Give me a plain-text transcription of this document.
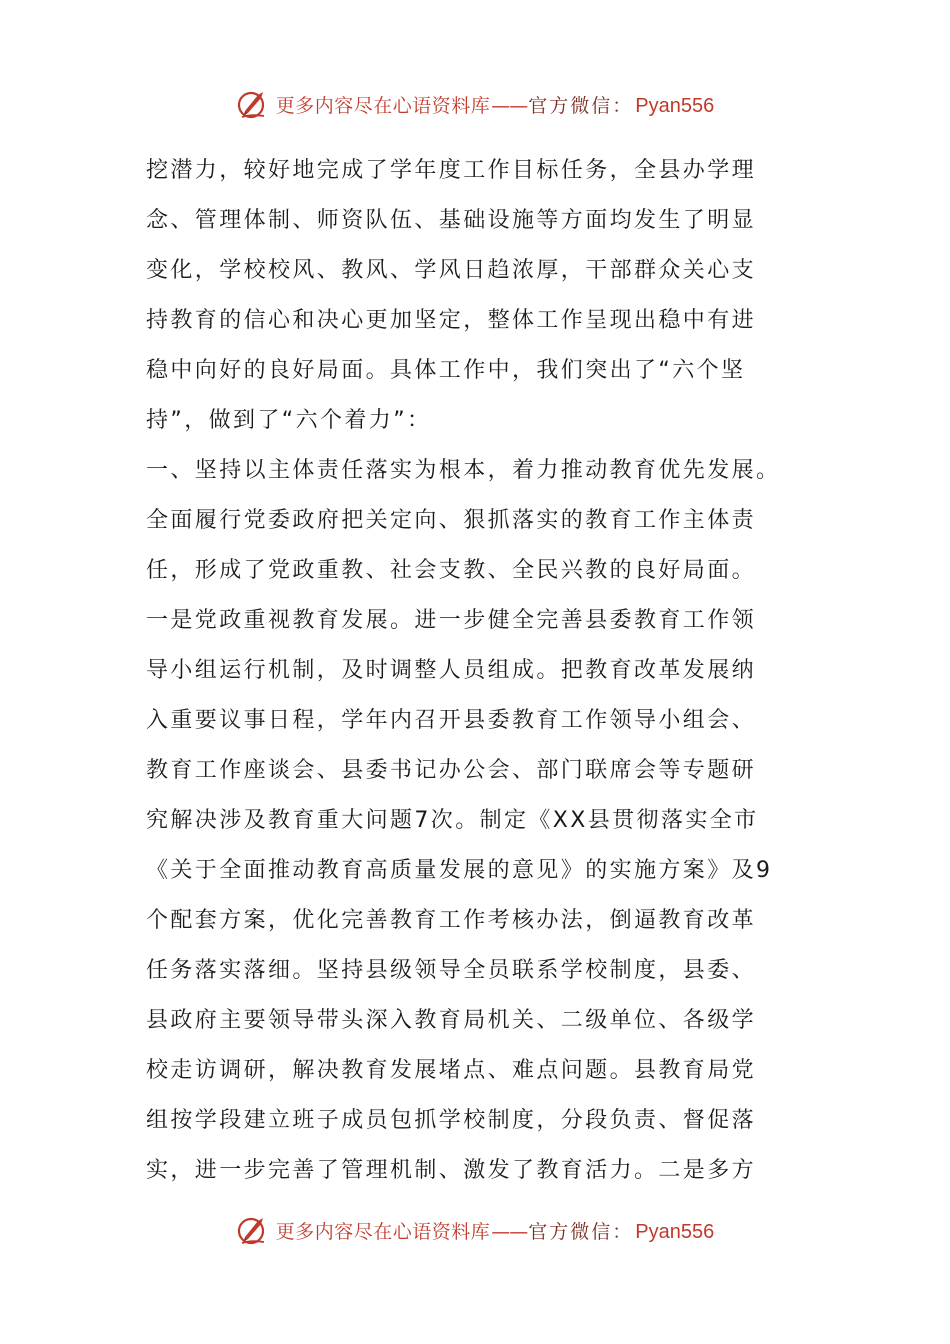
更多内容尽在心语资料库 —— 官方微信： Pyan556
挖潜力，较好地完成了学年度工作目标任务，全县办学理
念、管理体制、师资队伍、基础设施等方面均发生了明显
变化，学校校风、教风、学风日趋浓厚，干部群众关心支
持教育的信心和决心更加坚定，整体工作呈现出稳中有进
稳中向好的良好局面。具体工作中，我们突出了“六个坚
持”，做到了“六个着力”：
一、坚持以主体责任落实为根本，着力推动教育优先发展。
全面履行党委政府把关定向、狠抓落实的教育工作主体责
任，形成了党政重教、社会支教、全民兴教的良好局面。
一是党政重视教育发展。进一步健全完善县委教育工作领
导小组运行机制，及时调整人员组成。把教育改革发展纳
入重要议事日程，学年内召开县委教育工作领导小组会、
教育工作座谈会、县委书记办公会、部门联席会等专题研
究解决涉及教育重大问题7次。制定《XX县贯彻落实全市
《关于全面推动教育高质量发展的意见》的实施方案》及9
个配套方案，优化完善教育工作考核办法，倒逼教育改革
任务落实落细。坚持县级领导全员联系学校制度，县委、
县政府主要领导带头深入教育局机关、二级单位、各级学
校走访调研，解决教育发展堵点、难点问题。县教育局党
组按学段建立班子成员包抓学校制度，分段负责、督促落
实，进一步完善了管理机制、激发了教育活力。二是多方
更多内容尽在心语资料库 —— 官方微信： Pyan556
